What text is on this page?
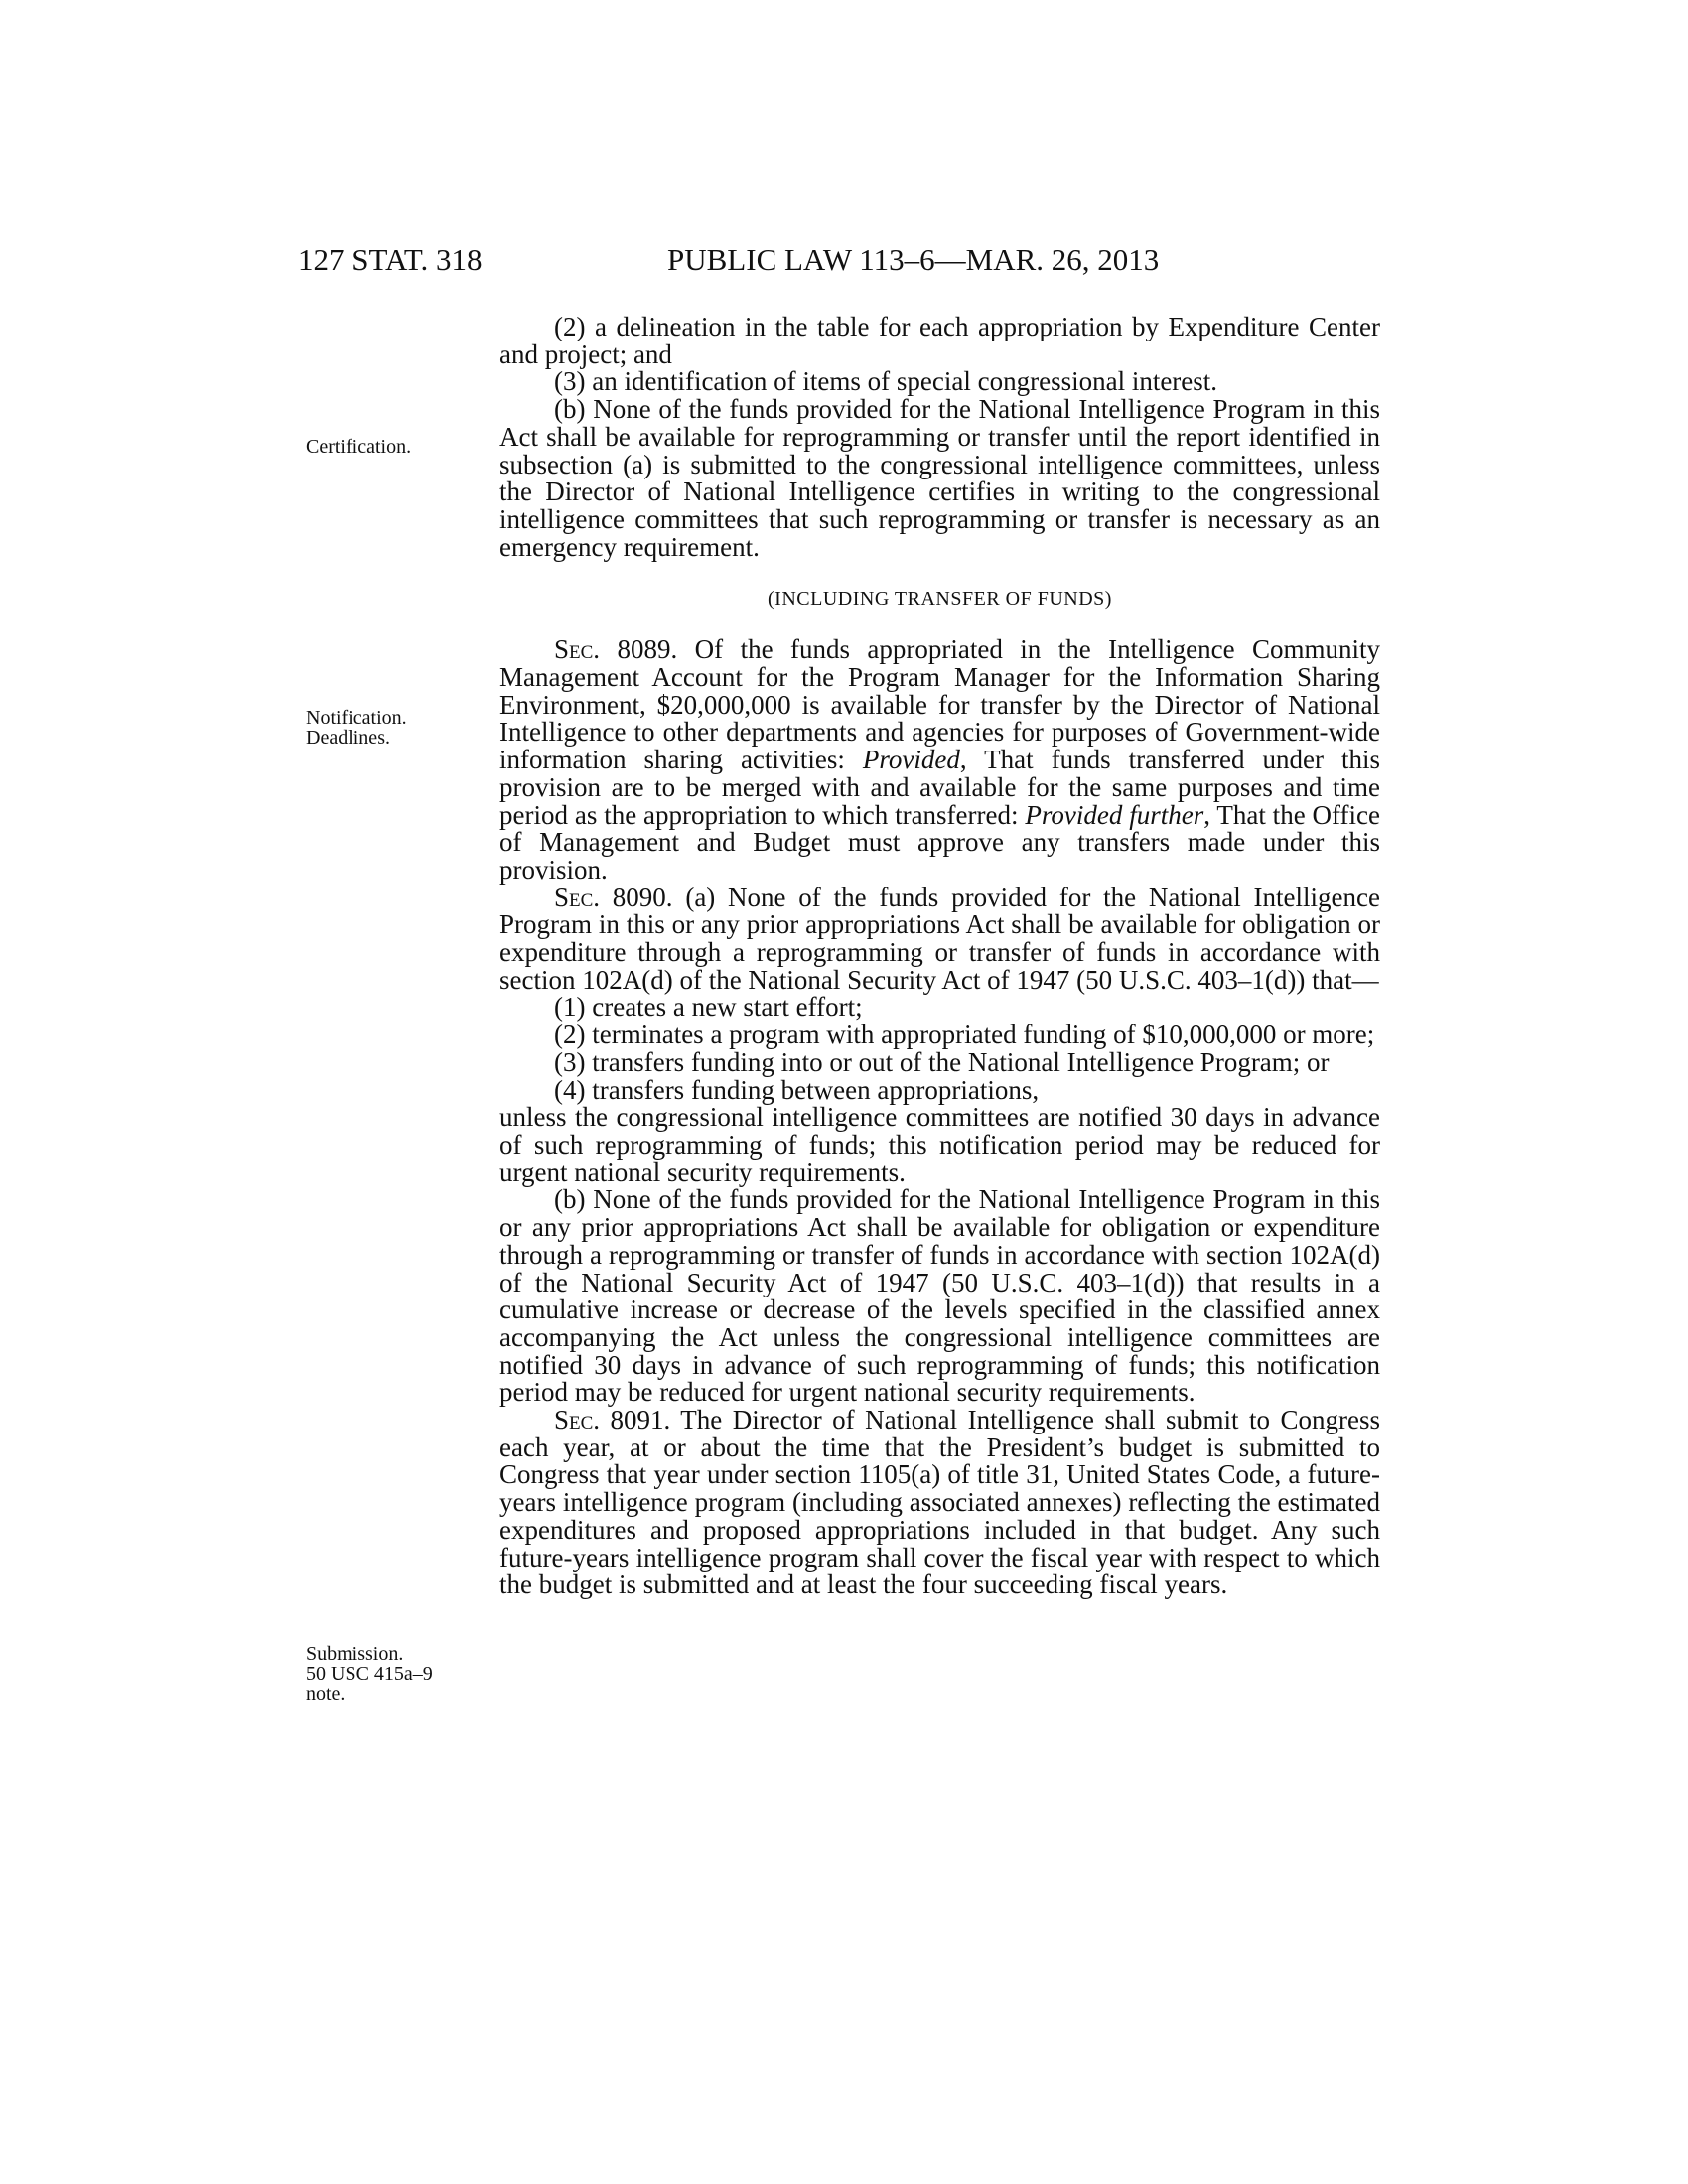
127 STAT. 318	PUBLIC LAW 113–6—MAR. 26, 2013
Certification.
Notification.
Deadlines.
Submission.
50 USC 415a–9
note.

(2) a delineation in the table for each appropriation by Expenditure Center and project; and

(3) an identification of items of special congressional interest.

(b) None of the funds provided for the National Intelligence Program in this Act shall be available for reprogramming or transfer until the report identified in subsection (a) is submitted to the congressional intelligence committees, unless the Director of National Intelligence certifies in writing to the congressional intelligence committees that such reprogramming or transfer is necessary as an emergency requirement.

(INCLUDING TRANSFER OF FUNDS)

Sec. 8089. Of the funds appropriated in the Intelligence Community Management Account for the Program Manager for the Information Sharing Environment, $20,000,000 is available for transfer by the Director of National Intelligence to other departments and agencies for purposes of Government-wide information sharing activities: Provided, That funds transferred under this provision are to be merged with and available for the same purposes and time period as the appropriation to which transferred: Provided further, That the Office of Management and Budget must approve any transfers made under this provision.

Sec. 8090. (a) None of the funds provided for the National Intelligence Program in this or any prior appropriations Act shall be available for obligation or expenditure through a reprogramming or transfer of funds in accordance with section 102A(d) of the National Security Act of 1947 (50 U.S.C. 403–1(d)) that—

(1) creates a new start effort;

(2) terminates a program with appropriated funding of $10,000,000 or more;

(3) transfers funding into or out of the National Intelligence Program; or

(4) transfers funding between appropriations,

unless the congressional intelligence committees are notified 30 days in advance of such reprogramming of funds; this notification period may be reduced for urgent national security requirements.

(b) None of the funds provided for the National Intelligence Program in this or any prior appropriations Act shall be available for obligation or expenditure through a reprogramming or transfer of funds in accordance with section 102A(d) of the National Security Act of 1947 (50 U.S.C. 403–1(d)) that results in a cumulative increase or decrease of the levels specified in the classified annex accompanying the Act unless the congressional intelligence committees are notified 30 days in advance of such reprogramming of funds; this notification period may be reduced for urgent national security requirements.

Sec. 8091. The Director of National Intelligence shall submit to Congress each year, at or about the time that the President’s budget is submitted to Congress that year under section 1105(a) of title 31, United States Code, a future-years intelligence program (including associated annexes) reflecting the estimated expenditures and proposed appropriations included in that budget. Any such future-years intelligence program shall cover the fiscal year with respect to which the budget is submitted and at least the four succeeding fiscal years.
